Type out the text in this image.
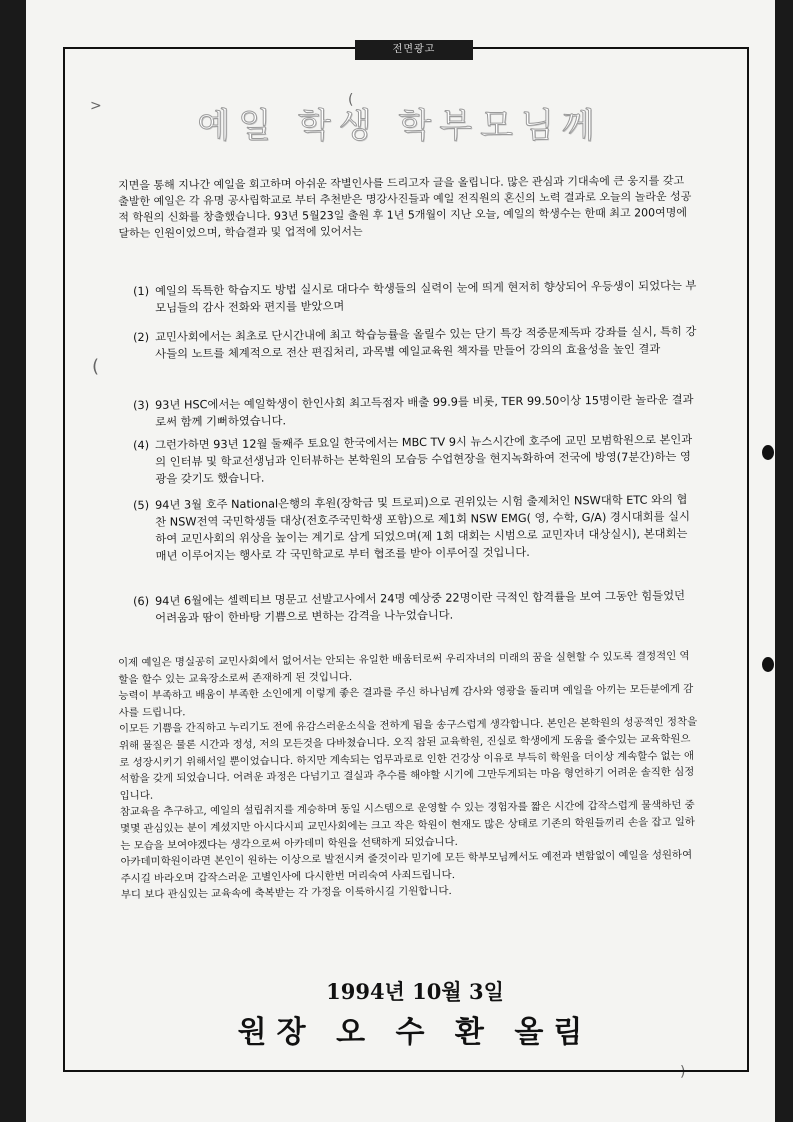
(
>
(
)
전면광고
예일 학생 학부모님께
지면을 통해 지나간 예일을 회고하며 아쉬운 작별인사를 드리고자 글을 올립니다. 많은 관심과 기대속에 큰 웅지를 갖고 출발한 예일은 각 유명 공사립학교로 부터 추천받은 명강사진들과 예일 전직원의 혼신의 노력 결과로 오늘의 놀라운 성공적 학원의 신화를 창출했습니다. 93년 5월23일 출원 후 1년 5개월이 지난 오늘, 예일의 학생수는 한때 최고 200여명에 달하는 인원이었으며, 학습결과 및 업적에 있어서는
(1) 예일의 독특한 학습지도 방법 실시로 대다수 학생들의 실력이 눈에 띄게 현저히 향상되어 우등생이 되었다는 부모님들의 감사 전화와 편지를 받았으며
(2) 교민사회에서는 최초로 단시간내에 최고 학습능률을 올릴수 있는 단기 특강 적중문제독파 강좌를 실시, 특히 강사들의 노트를 체계적으로 전산 편집처리, 과목별 예일교육원 책자를 만들어 강의의 효율성을 높인 결과
(3) 93년 HSC에서는 예일학생이 한인사회 최고득점자 배출 99.9를 비롯, TER 99.50이상 15명이란 놀라운 결과로써 함께 기뻐하였습니다.
(4) 그런가하면 93년 12월 둘째주 토요일 한국에서는 MBC TV 9시 뉴스시간에 호주에 교민 모범학원으로 본인과의 인터뷰 및 학교선생님과 인터뷰하는 본학원의 모습등 수업현장을 현지녹화하여 전국에 방영(7분간)하는 영광을 갖기도 했습니다.
(5) 94년 3월 호주 National은행의 후원(장학금 및 트로피)으로 권위있는 시험 출제처인 NSW대학 ETC 와의 협찬 NSW전역 국민학생들 대상(전호주국민학생 포함)으로 제1회 NSW EMG( 영, 수학, G/A) 경시대회를 실시하여 교민사회의 위상을 높이는 계기로 삼게 되었으며(제 1회 대회는 시범으로 교민자녀 대상실시), 본대회는 매년 이루어지는 행사로 각 국민학교로 부터 협조를 받아 이루어질 것입니다.
(6) 94년 6월에는 셀렉티브 명문고 선발고사에서 24명 예상중 22명이란 극적인 합격률을 보여 그동안 힘들었던 어려움과 땀이 한바탕 기쁨으로 변하는 감격을 나누었습니다.
이제 예일은 명실공히 교민사회에서 없어서는 안되는 유일한 배움터로써 우리자녀의 미래의 꿈을 실현할 수 있도록 결정적인 역할을 할수 있는 교육장소로써 존재하게 된 것입니다.
능력이 부족하고 배움이 부족한 소인에게 이렇게 좋은 결과를 주신 하나님께 감사와 영광을 돌리며 예일을 아끼는 모든분에게 감사를 드립니다.
이모든 기쁨을 간직하고 누리기도 전에 유감스러운소식을 전하게 됨을 송구스럽게 생각합니다. 본인은 본학원의 성공적인 정착을 위해 물질은 물론 시간과 정성, 저의 모든것을 다바쳤습니다. 오직 참된 교육학원, 진실로 학생에게 도움을 줄수있는 교육학원으로 성장시키기 위해서일 뿐이었습니다. 하지만 계속되는 업무과로로 인한 건강상 이유로 부득히 학원을 더이상 계속할수 없는 애석함을 갖게 되었습니다. 어려운 과정은 다넘기고 결실과 추수를 해야할 시기에 그만두게되는 마음 형언하기 어려운 솔직한 심정입니다.
참교육을 추구하고, 예일의 설립취지를 계승하며 동일 시스템으로 운영할 수 있는 경험자를 짧은 시간에 갑작스럽게 물색하던 중 몇몇 관심있는 분이 계셨지만 아시다시피 교민사회에는 크고 작은 학원이 현재도 많은 상태로 기존의 학원들끼리 손을 잡고 일하는 모습을 보여야겠다는 생각으로써 아카데미 학원을 선택하게 되었습니다.
아카데미학원이라면 본인이 원하는 이상으로 발전시켜 줄것이라 믿기에 모든 학부모님께서도 예전과 변함없이 예일을 성원하여 주시길 바라오며 갑작스러운 고별인사에 다시한번 머리숙여 사죄드립니다.
부디 보다 관심있는 교육속에 축복받는 각 가정을 이룩하시길 기원합니다.
1994년 10월 3일
원장 오 수 환 올림
